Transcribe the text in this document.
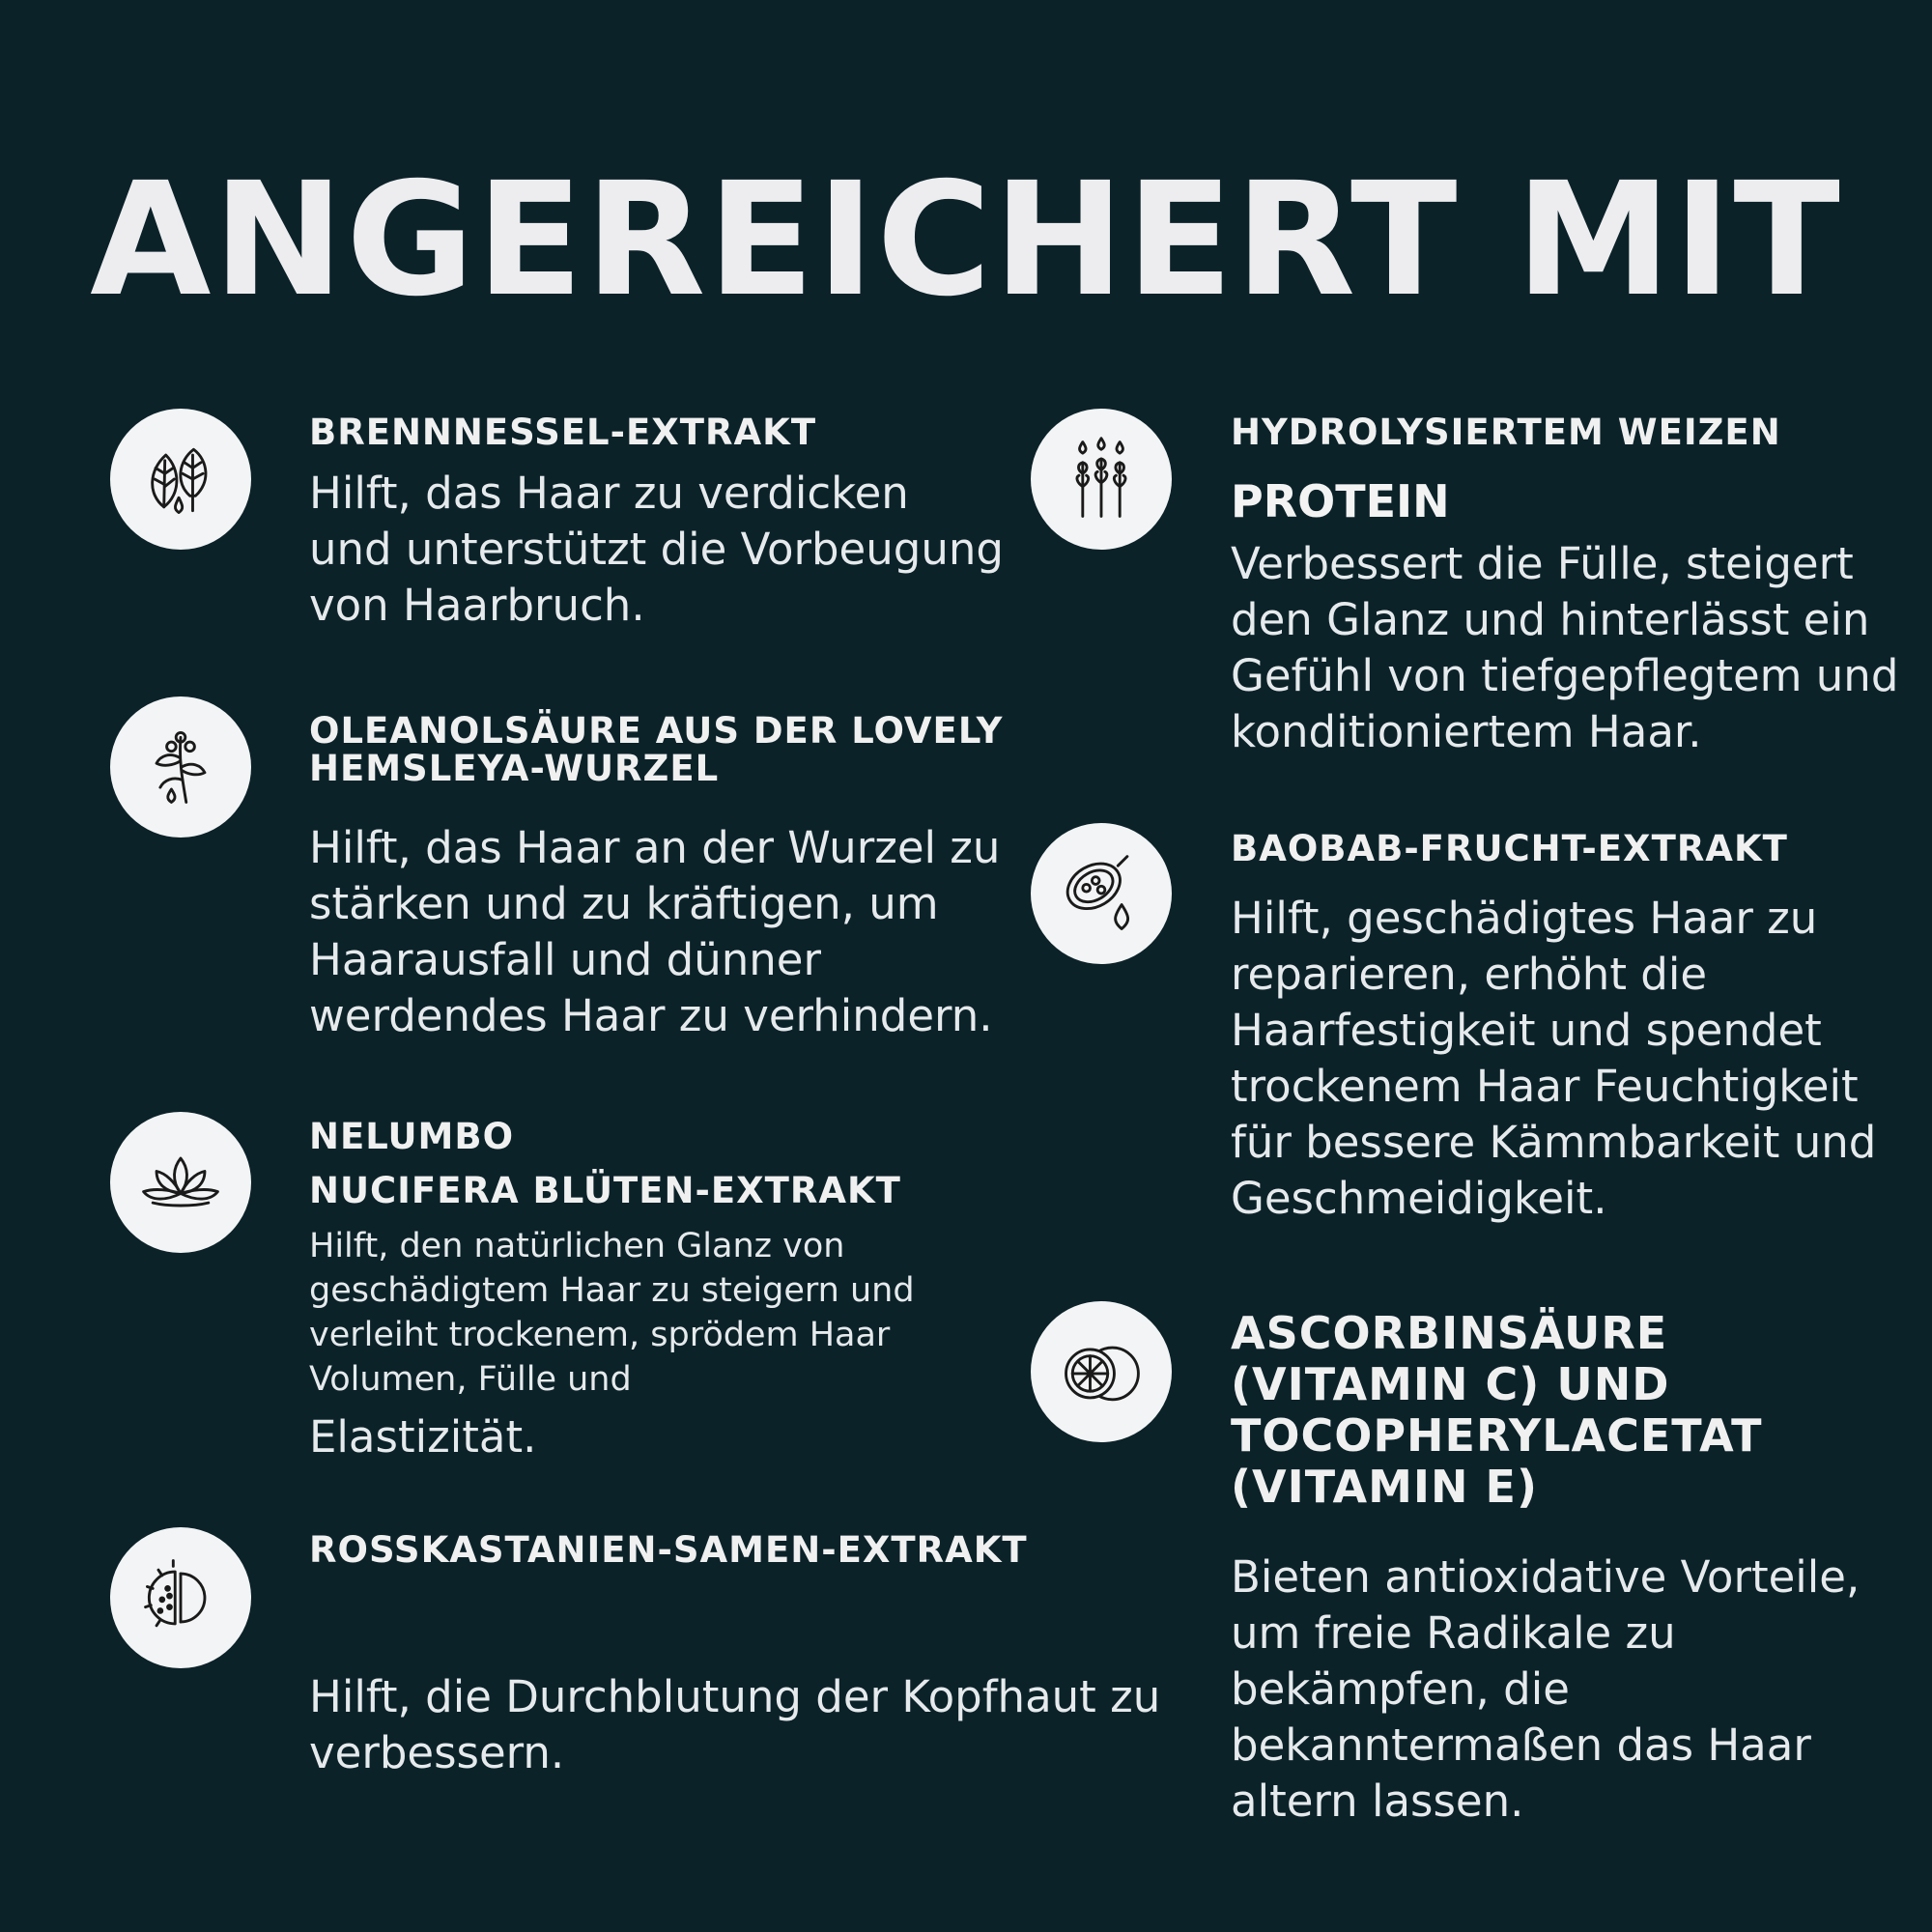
ANGEREICHERT MIT

BRENNNESSEL-EXTRAKT

Hilft, das Haar zu verdicken und unterstützt die Vorbeugung von Haarbruch.

OLEANOLSÄURE AUS DER LOVELY

HEMSLEYA-WURZEL

Hilft, das Haar an der Wurzel zu stärken und zu kräftigen, um Haarausfall und dünner werdendes Haar zu verhindern.

NELUMBO

NUCIFERA BLÜTEN-EXTRAKT

Hilft, den natürlichen Glanz von geschädigtem Haar zu steigern und verleiht trockenem, sprödem Haar Volumen, Fülle und

Elastizität.

ROSSKASTANIEN-SAMEN-EXTRAKT

Hilft, die Durchblutung der Kopfhaut zu verbessern.

HYDROLYSIERTEM WEIZEN

PROTEIN

Verbessert die Fülle, steigert den Glanz und hinterlässt ein Gefühl von tiefgepflegtem und konditioniertem Haar.

BAOBAB-FRUCHT-EXTRAKT

Hilft, geschädigtes Haar zu reparieren, erhöht die Haarfestigkeit und spendet trockenem Haar Feuchtigkeit für bessere Kämmbarkeit und Geschmeidigkeit.

ASCORBINSÄURE (VITAMIN C) UND TOCOPHERYLACETAT (VITAMIN E)

Bieten antioxidative Vorteile, um freie Radikale zu bekämpfen, die bekanntermaßen das Haar altern lassen.
